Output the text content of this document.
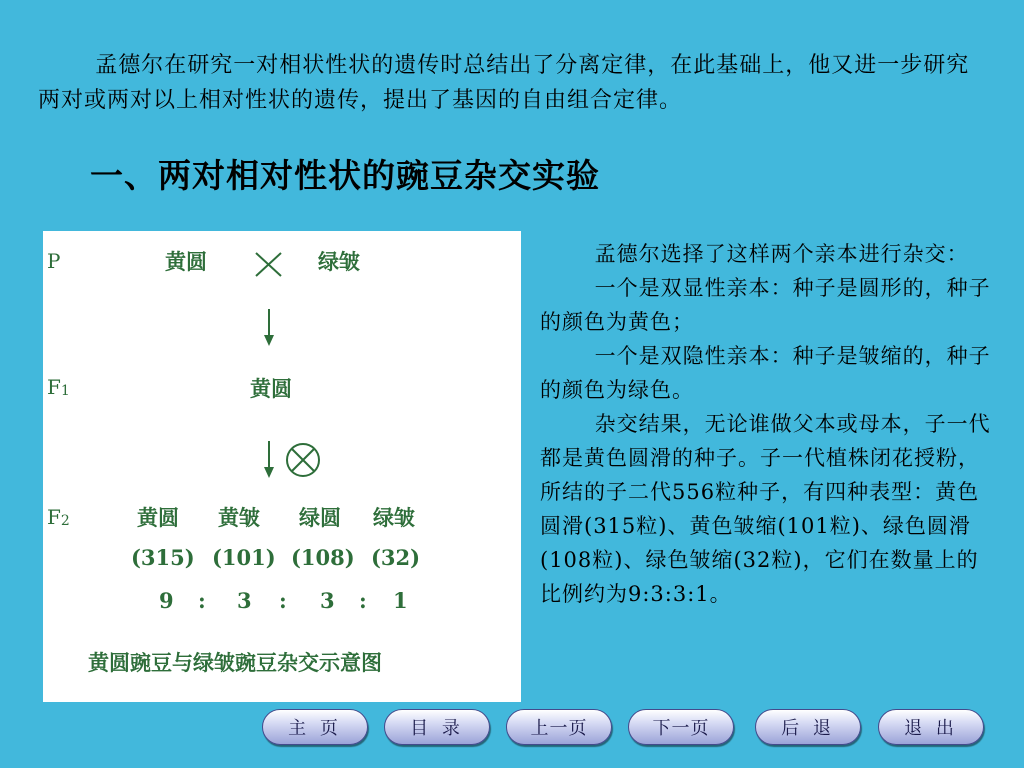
孟德尔在研究一对相状性状的遗传时总结出了分离定律，在此基础上，他又进一步研究两对或两对以上相对性状的遗传，提出了基因的自由组合定律。

一、两对相对性状的豌豆杂交实验
P	黄圆	绿皱
F1	黄圆
F2	黄圆 黄皱 绿圆 绿皱
(315) (101) (108) (32)
9 : 3 : 3 : 1
黄圆豌豆与绿皱豌豆杂交示意图

孟德尔选择了这样两个亲本进行杂交：

一个是双显性亲本：种子是圆形的，种子的颜色为黄色；

一个是双隐性亲本：种子是皱缩的，种子的颜色为绿色。

杂交结果，无论谁做父本或母本，子一代都是黄色圆滑的种子。子一代植株闭花授粉，所结的子二代556粒种子，有四种表型：黄色圆滑(315粒)、黄色皱缩(101粒)、绿色圆滑(108粒)、绿色皱缩(32粒)，它们在数量上的比例约为9:3:3:1。

主 页	目 录	上一页	下一页	后 退	退 出
